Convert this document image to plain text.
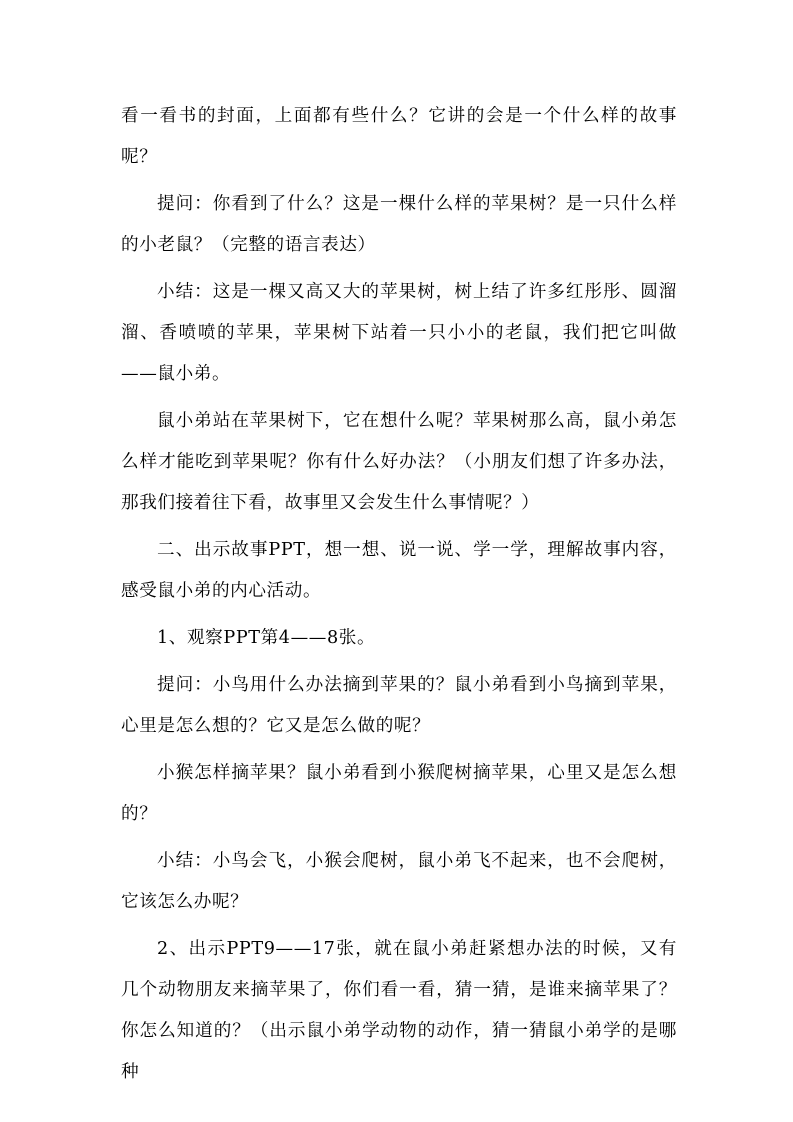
看一看书的封面，上面都有些什么？它讲的会是一个什么样的故事呢？

提问：你看到了什么？这是一棵什么样的苹果树？是一只什么样的小老鼠？（完整的语言表达）

小结：这是一棵又高又大的苹果树，树上结了许多红彤彤、圆溜溜、香喷喷的苹果，苹果树下站着一只小小的老鼠，我们把它叫做——鼠小弟。

鼠小弟站在苹果树下，它在想什么呢？苹果树那么高，鼠小弟怎么样才能吃到苹果呢？你有什么好办法？（小朋友们想了许多办法，那我们接着往下看，故事里又会发生什么事情呢？）

二、出示故事PPT，想一想、说一说、学一学，理解故事内容，感受鼠小弟的内心活动。

1、观察PPT第4——8张。

提问：小鸟用什么办法摘到苹果的？鼠小弟看到小鸟摘到苹果，心里是怎么想的？它又是怎么做的呢？

小猴怎样摘苹果？鼠小弟看到小猴爬树摘苹果，心里又是怎么想的？

小结：小鸟会飞，小猴会爬树，鼠小弟飞不起来，也不会爬树，它该怎么办呢？

2、出示PPT9——17张，就在鼠小弟赶紧想办法的时候，又有几个动物朋友来摘苹果了，你们看一看，猜一猜，是谁来摘苹果了？你怎么知道的？（出示鼠小弟学动物的动作，猜一猜鼠小弟学的是哪种
